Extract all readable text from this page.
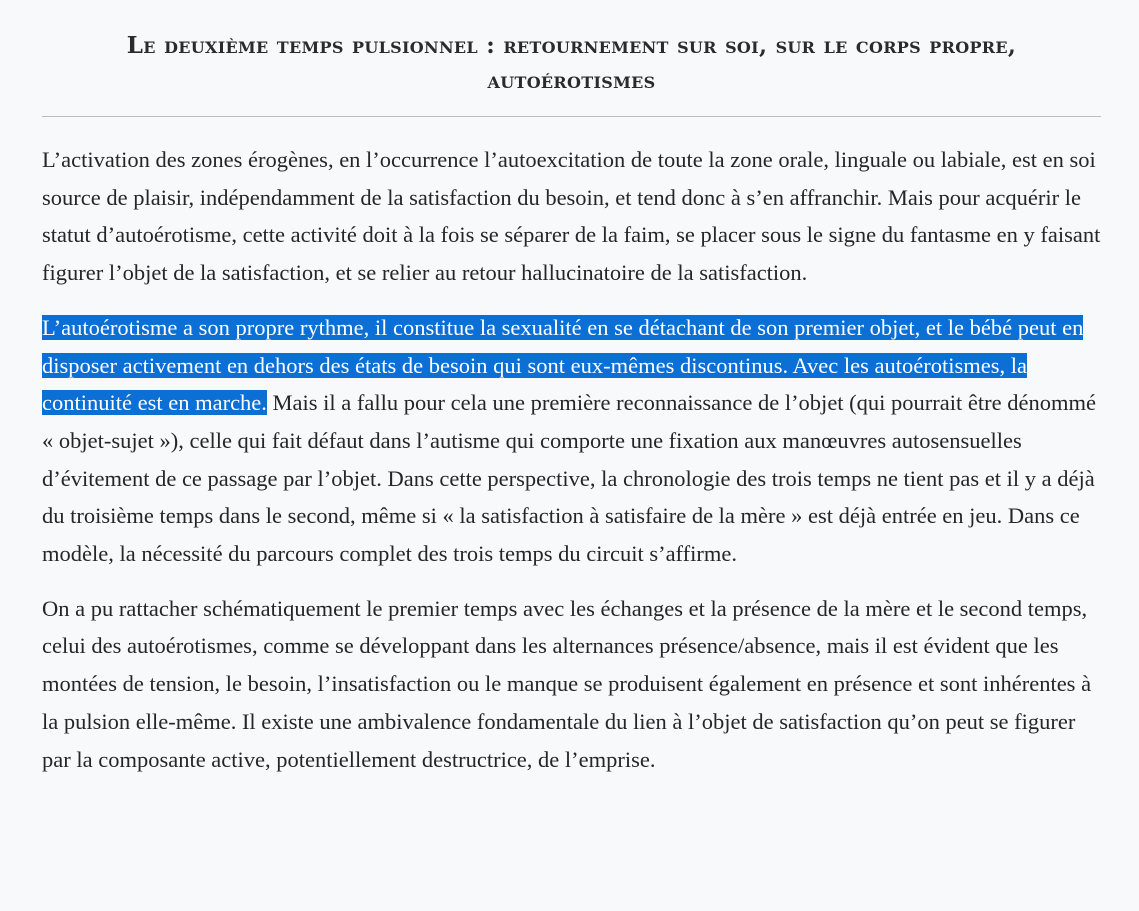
Le deuxième temps pulsionnel : retournement sur soi, sur le corps propre, autoérotismes

L’activation des zones érogènes, en l’occurrence l’autoexcitation de toute la zone orale, linguale ou labiale, est en soi source de plaisir, indépendamment de la satisfaction du besoin, et tend donc à s’en affranchir. Mais pour acquérir le statut d’autoérotisme, cette activité doit à la fois se séparer de la faim, se placer sous le signe du fantasme en y faisant figurer l’objet de la satisfaction, et se relier au retour hallucinatoire de la satisfaction.

L’autoérotisme a son propre rythme, il constitue la sexualité en se détachant de son premier objet, et le bébé peut en disposer activement en dehors des états de besoin qui sont eux-mêmes discontinus. Avec les autoérotismes, la continuité est en marche. Mais il a fallu pour cela une première reconnaissance de l’objet (qui pourrait être dénommé « objet-sujet »), celle qui fait défaut dans l’autisme qui comporte une fixation aux manœuvres autosensuelles d’évitement de ce passage par l’objet. Dans cette perspective, la chronologie des trois temps ne tient pas et il y a déjà du troisième temps dans le second, même si « la satisfaction à satisfaire de la mère » est déjà entrée en jeu. Dans ce modèle, la nécessité du parcours complet des trois temps du circuit s’affirme.

On a pu rattacher schématiquement le premier temps avec les échanges et la présence de la mère et le second temps, celui des autoérotismes, comme se développant dans les alternances présence/absence, mais il est évident que les montées de tension, le besoin, l’insatisfaction ou le manque se produisent également en présence et sont inhérentes à la pulsion elle-même. Il existe une ambivalence fondamentale du lien à l’objet de satisfaction qu’on peut se figurer par la composante active, potentiellement destructrice, de l’emprise.
